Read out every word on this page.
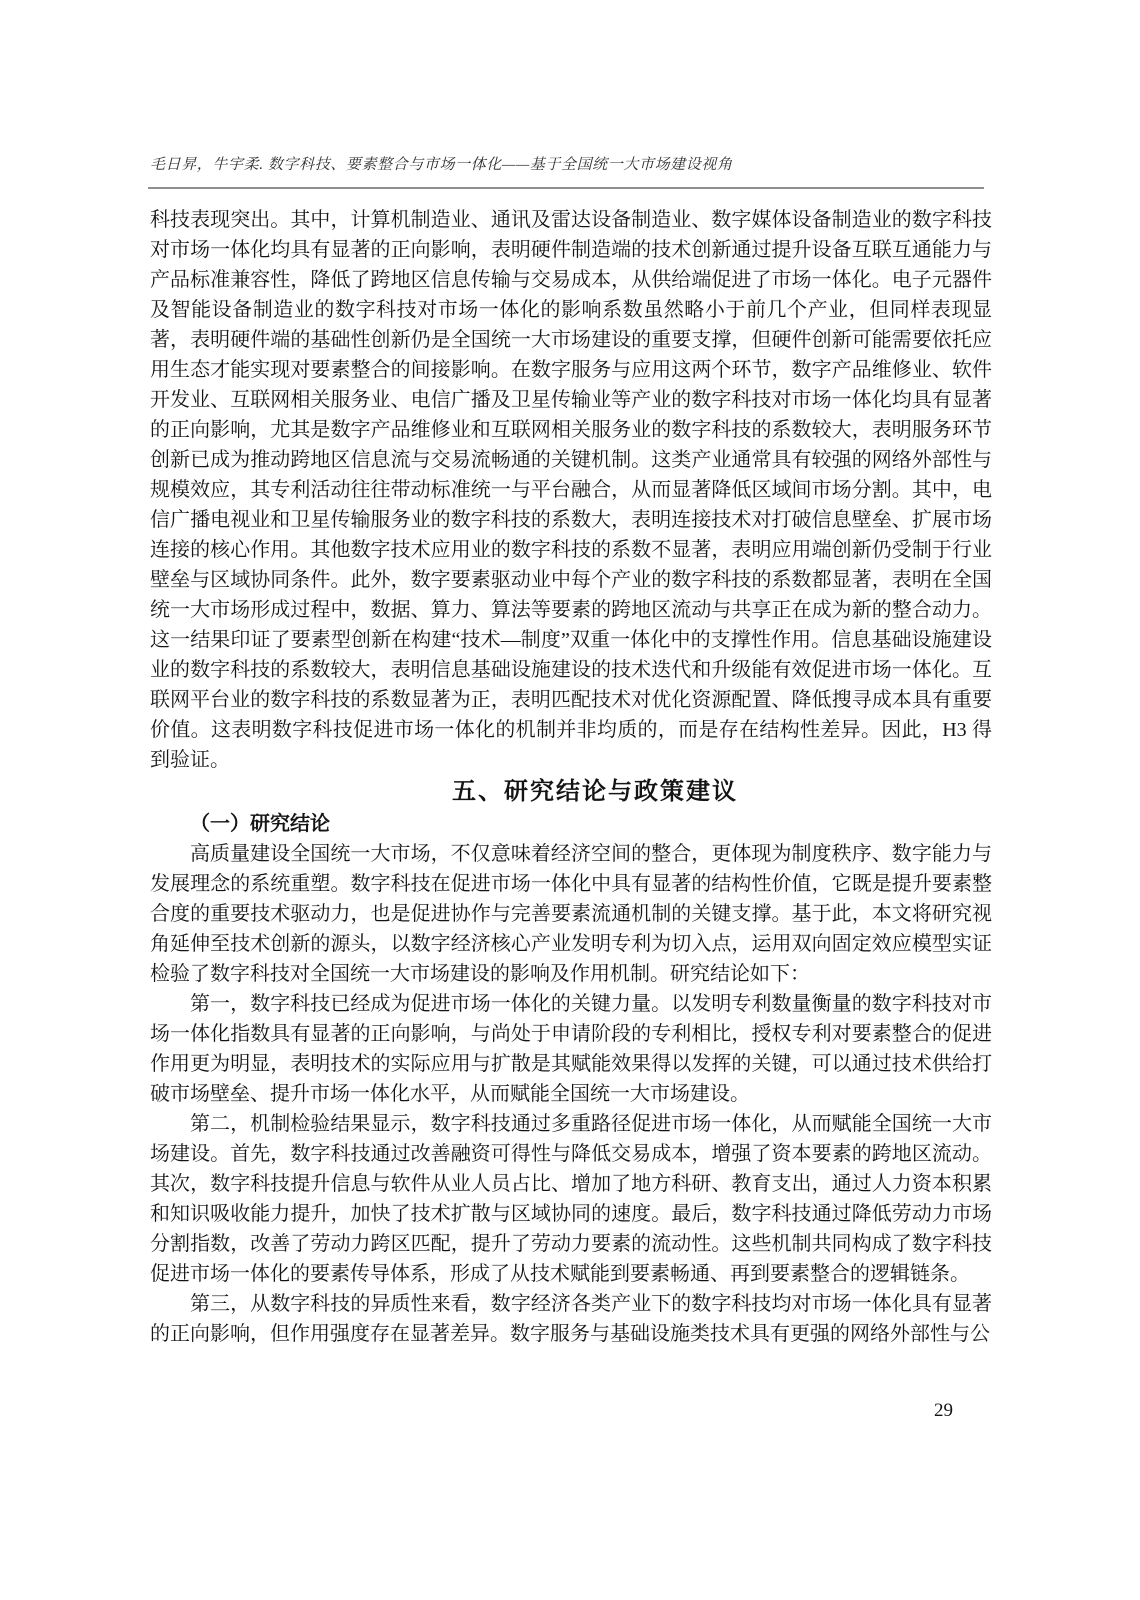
毛日昇，牛宇柔. 数字科技、要素整合与市场一体化——基于全国统一大市场建设视角

科技表现突出。其中，计算机制造业、通讯及雷达设备制造业、数字媒体设备制造业的数字科技对市场一体化均具有显著的正向影响，表明硬件制造端的技术创新通过提升设备互联互通能力与产品标准兼容性，降低了跨地区信息传输与交易成本，从供给端促进了市场一体化。电子元器件及智能设备制造业的数字科技对市场一体化的影响系数虽然略小于前几个产业，但同样表现显著，表明硬件端的基础性创新仍是全国统一大市场建设的重要支撑，但硬件创新可能需要依托应用生态才能实现对要素整合的间接影响。在数字服务与应用这两个环节，数字产品维修业、软件开发业、互联网相关服务业、电信广播及卫星传输业等产业的数字科技对市场一体化均具有显著的正向影响，尤其是数字产品维修业和互联网相关服务业的数字科技的系数较大，表明服务环节创新已成为推动跨地区信息流与交易流畅通的关键机制。这类产业通常具有较强的网络外部性与规模效应，其专利活动往往带动标准统一与平台融合，从而显著降低区域间市场分割。其中，电信广播电视业和卫星传输服务业的数字科技的系数大，表明连接技术对打破信息壁垒、扩展市场连接的核心作用。其他数字技术应用业的数字科技的系数不显著，表明应用端创新仍受制于行业壁垒与区域协同条件。此外，数字要素驱动业中每个产业的数字科技的系数都显著，表明在全国统一大市场形成过程中，数据、算力、算法等要素的跨地区流动与共享正在成为新的整合动力。这一结果印证了要素型创新在构建“技术—制度”双重一体化中的支撑性作用。信息基础设施建设业的数字科技的系数较大，表明信息基础设施建设的技术迭代和升级能有效促进市场一体化。互联网平台业的数字科技的系数显著为正，表明匹配技术对优化资源配置、降低搜寻成本具有重要价值。这表明数字科技促进市场一体化的机制并非均质的，而是存在结构性差异。因此，H3 得到验证。

五、研究结论与政策建议

（一）研究结论

高质量建设全国统一大市场，不仅意味着经济空间的整合，更体现为制度秩序、数字能力与发展理念的系统重塑。数字科技在促进市场一体化中具有显著的结构性价值，它既是提升要素整合度的重要技术驱动力，也是促进协作与完善要素流通机制的关键支撑。基于此，本文将研究视角延伸至技术创新的源头，以数字经济核心产业发明专利为切入点，运用双向固定效应模型实证检验了数字科技对全国统一大市场建设的影响及作用机制。研究结论如下：

第一，数字科技已经成为促进市场一体化的关键力量。以发明专利数量衡量的数字科技对市场一体化指数具有显著的正向影响，与尚处于申请阶段的专利相比，授权专利对要素整合的促进作用更为明显，表明技术的实际应用与扩散是其赋能效果得以发挥的关键，可以通过技术供给打破市场壁垒、提升市场一体化水平，从而赋能全国统一大市场建设。

第二，机制检验结果显示，数字科技通过多重路径促进市场一体化，从而赋能全国统一大市场建设。首先，数字科技通过改善融资可得性与降低交易成本，增强了资本要素的跨地区流动。其次，数字科技提升信息与软件从业人员占比、增加了地方科研、教育支出，通过人力资本积累和知识吸收能力提升，加快了技术扩散与区域协同的速度。最后，数字科技通过降低劳动力市场分割指数，改善了劳动力跨区匹配，提升了劳动力要素的流动性。这些机制共同构成了数字科技促进市场一体化的要素传导体系，形成了从技术赋能到要素畅通、再到要素整合的逻辑链条。

第三，从数字科技的异质性来看，数字经济各类产业下的数字科技均对市场一体化具有显著的正向影响，但作用强度存在显著差异。数字服务与基础设施类技术具有更强的网络外部性与公

29
